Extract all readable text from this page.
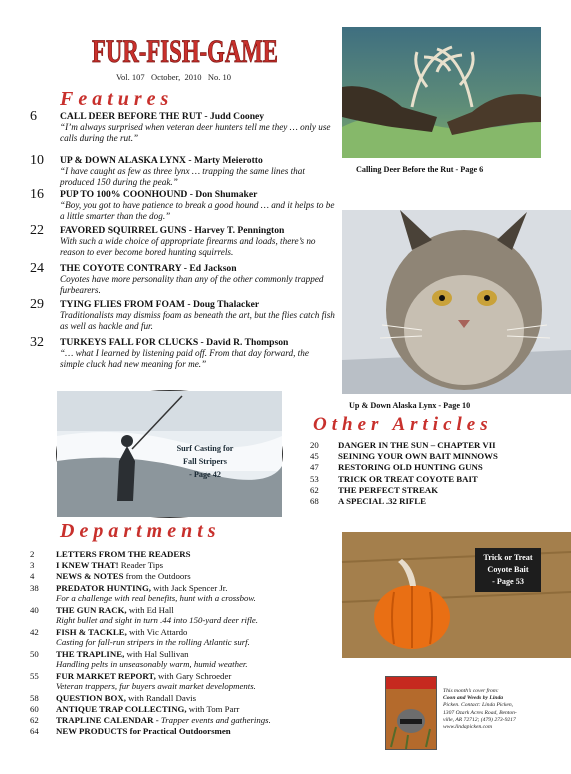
FUR-FISH-GAME
Vol. 107 October, 2010 No. 10
Features
6	CALL DEER BEFORE THE RUT - Judd Cooney
“I’m always surprised when veteran deer hunters tell me they … only use calls during the rut.”
10	UP & DOWN ALASKA LYNX - Marty Meierotto
“I have caught as few as three lynx … trapping the same lines that produced 150 during the peak.”
16	PUP TO 100% COONHOUND - Don Shumaker
“Boy, you got to have patience to break a good hound … and it helps to be a little smarter than the dog.”
22	FAVORED SQUIRREL GUNS - Harvey T. Pennington
With such a wide choice of appropriate firearms and loads, there’s no reason to ever become bored hunting squirrels.
24	THE COYOTE CONTRARY - Ed Jackson
Coyotes have more personality than any of the other commonly trapped furbearers.
29	TYING FLIES FROM FOAM - Doug Thalacker
Traditionalists may dismiss foam as beneath the art, but the flies catch fish as well as hackle and fur.
32	TURKEYS FALL FOR CLUCKS - David R. Thompson
“… what I learned by listening paid off. From that day forward, the simple cluck had new meaning for me.”
Calling Deer Before the Rut - Page 6
Up & Down Alaska Lynx - Page 10
Surf Casting for
Fall Stripers
- Page 42
Other Articles
20 DANGER IN THE SUN – CHAPTER VII
45 SEINING YOUR OWN BAIT MINNOWS
47 RESTORING OLD HUNTING GUNS
53 TRICK OR TREAT COYOTE BAIT
62 THE PERFECT STREAK
68 A SPECIAL .32 RIFLE
Departments
2	LETTERS FROM THE READERS
3	I KNEW THAT! Reader Tips
4	NEWS & NOTES from the Outdoors
38	PREDATOR HUNTING, with Jack Spencer Jr.
For a challenge with real benefits, hunt with a crossbow.
40	THE GUN RACK, with Ed Hall
Right bullet and sight in turn .44 into 150-yard deer rifle.
42	FISH & TACKLE, with Vic Attardo
Casting for fall-run stripers in the rolling Atlantic surf.
50	THE TRAPLINE, with Hal Sullivan
Handling pelts in unseasonably warm, humid weather.
55	FUR MARKET REPORT, with Gary Schroeder
Veteran trappers, fur buyers await market developments.
58	QUESTION BOX, with Randall Davis
60	ANTIQUE TRAP COLLECTING, with Tom Parr
62	TRAPLINE CALENDAR - Trapper events and gatherings.
64	NEW PRODUCTS for Practical Outdoorsmen
Trick or Treat
Coyote Bait
- Page 53
This month’s cover from:
Coon and Weeds by Linda
Picken. Contact: Linda Picken,
1307 Ozark Acres Road, Benton-
ville, AR 72712; (479) 273-9217
www.lindapicken.com
